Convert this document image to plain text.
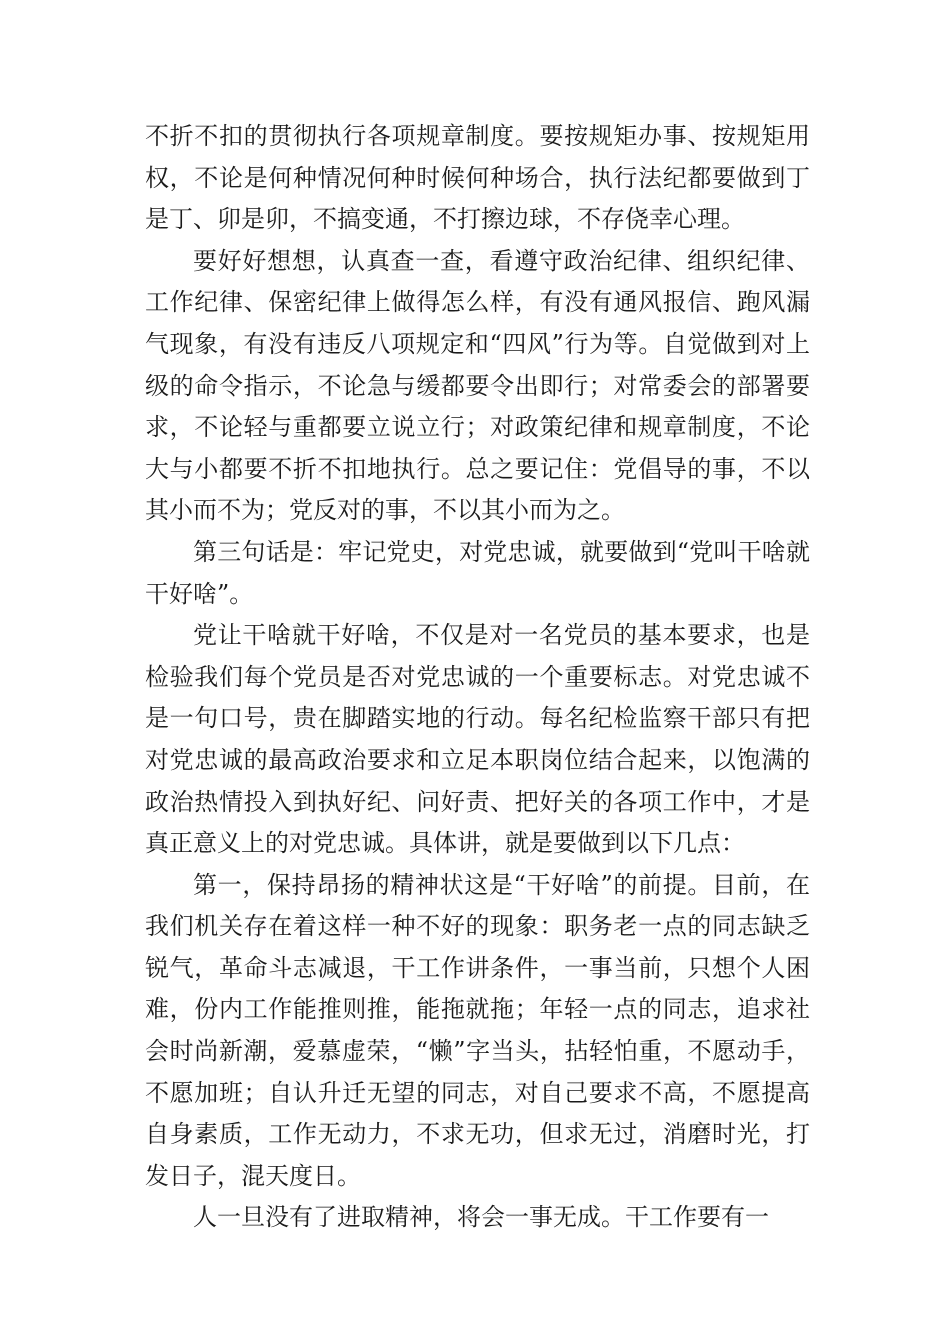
不折不扣的贯彻执行各项规章制度。要按规矩办事、按规矩用权，不论是何种情况何种时候何种场合，执行法纪都要做到丁是丁、卯是卯，不搞变通，不打擦边球，不存侥幸心理。

要好好想想，认真查一查，看遵守政治纪律、组织纪律、工作纪律、保密纪律上做得怎么样，有没有通风报信、跑风漏气现象，有没有违反八项规定和“四风”行为等。自觉做到对上级的命令指示，不论急与缓都要令出即行；对常委会的部署要求，不论轻与重都要立说立行；对政策纪律和规章制度，不论大与小都要不折不扣地执行。总之要记住：党倡导的事，不以其小而不为；党反对的事，不以其小而为之。

第三句话是：牢记党史，对党忠诚，就要做到“党叫干啥就干好啥”。

党让干啥就干好啥，不仅是对一名党员的基本要求，也是检验我们每个党员是否对党忠诚的一个重要标志。对党忠诚不是一句口号，贵在脚踏实地的行动。每名纪检监察干部只有把对党忠诚的最高政治要求和立足本职岗位结合起来，以饱满的政治热情投入到执好纪、问好责、把好关的各项工作中，才是真正意义上的对党忠诚。具体讲，就是要做到以下几点：

第一，保持昂扬的精神状这是“干好啥”的前提。目前，在我们机关存在着这样一种不好的现象：职务老一点的同志缺乏锐气，革命斗志减退，干工作讲条件，一事当前，只想个人困难，份内工作能推则推，能拖就拖；年轻一点的同志，追求社会时尚新潮，爱慕虚荣，“懒”字当头，拈轻怕重，不愿动手，不愿加班；自认升迁无望的同志，对自己要求不高，不愿提高自身素质，工作无动力，不求无功，但求无过，消磨时光，打发日子，混天度日。

人一旦没有了进取精神，将会一事无成。干工作要有一
